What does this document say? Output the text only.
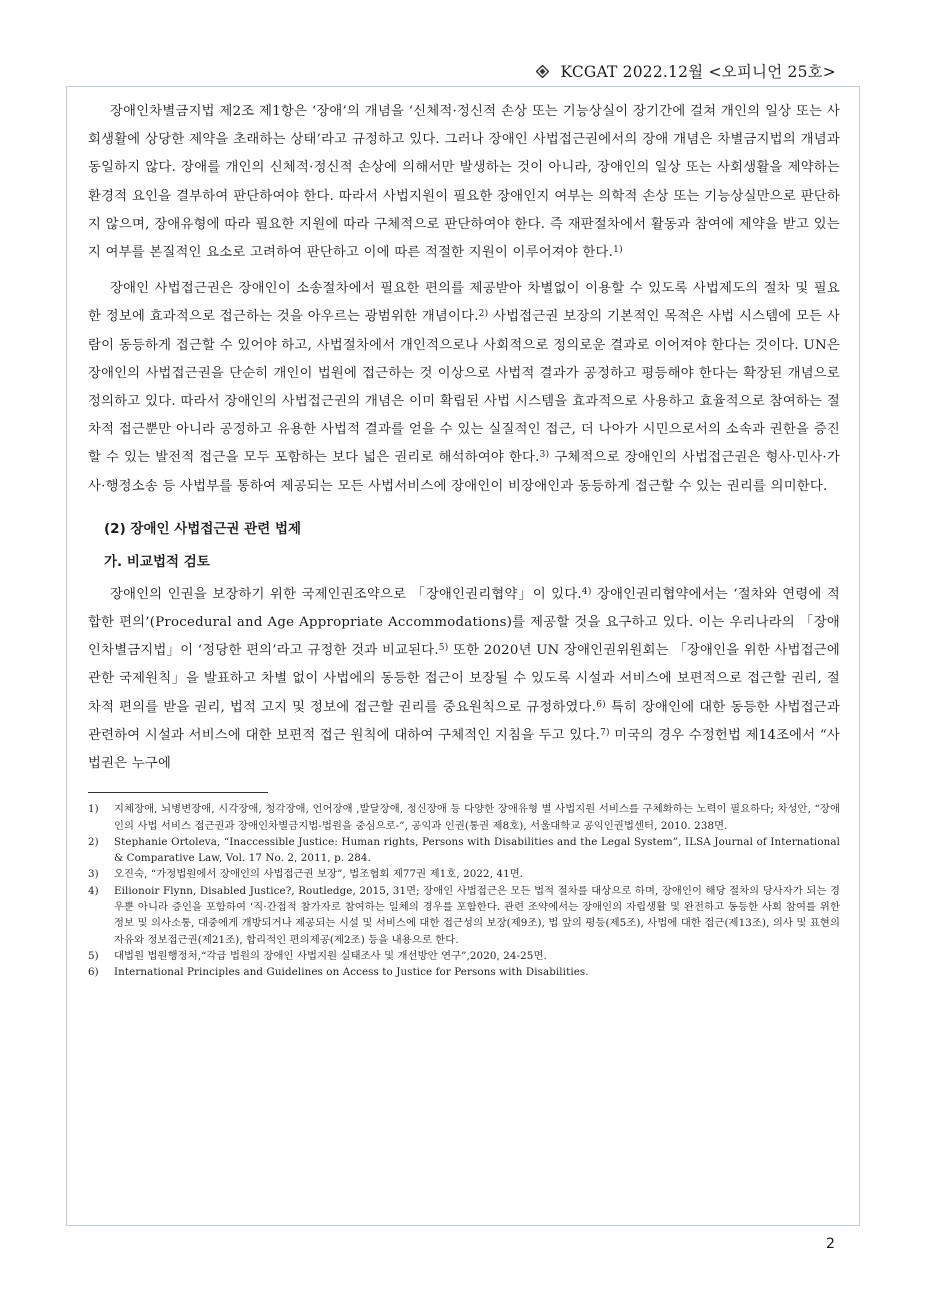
KCGAT 2022.12월 <오피니언 25호>

장애인차별금지법 제2조 제1항은 ‘장애’의 개념을 ‘신체적·정신적 손상 또는 기능상실이 장기간에 걸쳐 개인의 일상 또는 사회생활에 상당한 제약을 초래하는 상태’라고 규정하고 있다. 그러나 장애인 사법접근권에서의 장애 개념은 차별금지법의 개념과 동일하지 않다. 장애를 개인의 신체적·정신적 손상에 의해서만 발생하는 것이 아니라, 장애인의 일상 또는 사회생활을 제약하는 환경적 요인을 결부하여 판단하여야 한다. 따라서 사법지원이 필요한 장애인지 여부는 의학적 손상 또는 기능상실만으로 판단하지 않으며, 장애유형에 따라 필요한 지원에 따라 구체적으로 판단하여야 한다. 즉 재판절차에서 활동과 참여에 제약을 받고 있는지 여부를 본질적인 요소로 고려하여 판단하고 이에 따른 적절한 지원이 이루어져야 한다.$^{1)}$

장애인 사법접근권은 장애인이 소송절차에서 필요한 편의를 제공받아 차별없이 이용할 수 있도록 사법제도의 절차 및 필요한 정보에 효과적으로 접근하는 것을 아우르는 광범위한 개념이다.$^{2)}$ 사법접근권 보장의 기본적인 목적은 사법 시스템에 모든 사람이 동등하게 접근할 수 있어야 하고, 사법절차에서 개인적으로나 사회적으로 정의로운 결과로 이어져야 한다는 것이다. UN은 장애인의 사법접근권을 단순히 개인이 법원에 접근하는 것 이상으로 사법적 결과가 공정하고 평등해야 한다는 확장된 개념으로 정의하고 있다. 따라서 장애인의 사법접근권의 개념은 이미 확립된 사법 시스템을 효과적으로 사용하고 효율적으로 참여하는 절차적 접근뿐만 아니라 공정하고 유용한 사법적 결과를 얻을 수 있는 실질적인 접근, 더 나아가 시민으로서의 소속과 권한을 증진할 수 있는 발전적 접근을 모두 포함하는 보다 넓은 권리로 해석하여야 한다.$^{3)}$ 구체적으로 장애인의 사법접근권은 형사·민사·가사·행정소송 등 사법부를 통하여 제공되는 모든 사법서비스에 장애인이 비장애인과 동등하게 접근할 수 있는 권리를 의미한다.

(2) 장애인 사법접근권 관련 법제
가. 비교법적 검토

장애인의 인권을 보장하기 위한 국제인권조약으로 「장애인권리협약」이 있다.$^{4)}$ 장애인권리협약에서는 ‘절차와 연령에 적합한 편의’(Procedural and Age Appropriate Accommodations)를 제공할 것을 요구하고 있다. 이는 우리나라의 「장애인차별금지법」이 ‘정당한 편의’라고 규정한 것과 비교된다.$^{5)}$ 또한 2020년 UN 장애인권위원회는 「장애인을 위한 사법접근에 관한 국제원칙」을 발표하고 차별 없이 사법에의 동등한 접근이 보장될 수 있도록 시설과 서비스에 보편적으로 접근할 권리, 절차적 편의를 받을 권리, 법적 고지 및 정보에 접근할 권리를 중요원칙으로 규정하였다.$^{6)}$ 특히 장애인에 대한 동등한 사법접근과 관련하여 시설과 서비스에 대한 보편적 접근 원칙에 대하여 구체적인 지침을 두고 있다.$^{7)}$ 미국의 경우 수정헌법 제14조에서 “사법권은 누구에

1)	지체장애, 뇌병변장애, 시각장애, 청각장애, 언어장애 ,발달장애, 정신장애 등 다양한 장애유형 별 사법지원 서비스를 구체화하는 노력이 필요하다; 차성안, “장애인의 사법 서비스 접근권과 장애인차별금지법-법원을 중심으로-”, 공익과 인권(통권 제8호), 서울대학교 공익인권법센터, 2010. 238면.
2)	Stephanie Ortoleva, “Inaccessible Justice: Human rights, Persons with Disabilities and the Legal System”, ILSA Journal of International & Comparative Law, Vol. 17 No. 2, 2011, p. 284.
3)	오진숙, “가정법원에서 장애인의 사법접근권 보장”, 법조협회 제77권 제1호, 2022, 41면.
4)	Eilionoir Flynn, Disabled Justice?, Routledge, 2015, 31면; 장애인 사법접근은 모든 법적 절차를 대상으로 하며, 장애인이 해당 절차의 당사자가 되는 경우뿐 아니라 증인을 포함하여 ‘직·간접적 참가자로 참여하는 일체의 경우를 포함한다. 관련 조약에서는 장애인의 자립생활 및 완전하고 동등한 사회 참여를 위한 정보 및 의사소통, 대중에게 개방되거나 제공되는 시설 및 서비스에 대한 접근성의 보장(제9조), 법 앞의 평등(제5조), 사법에 대한 접근(제13조), 의사 및 표현의 자유와 정보접근권(제21조), 합리적인 편의제공(제2조) 등을 내용으로 한다.
5)	대법원 법원행정처,“각급 법원의 장애인 사법지원 실태조사 및 개선방안 연구”,2020, 24-25면.
6)	International Principles and Guidelines on Access to Justice for Persons with Disabilities.
2
